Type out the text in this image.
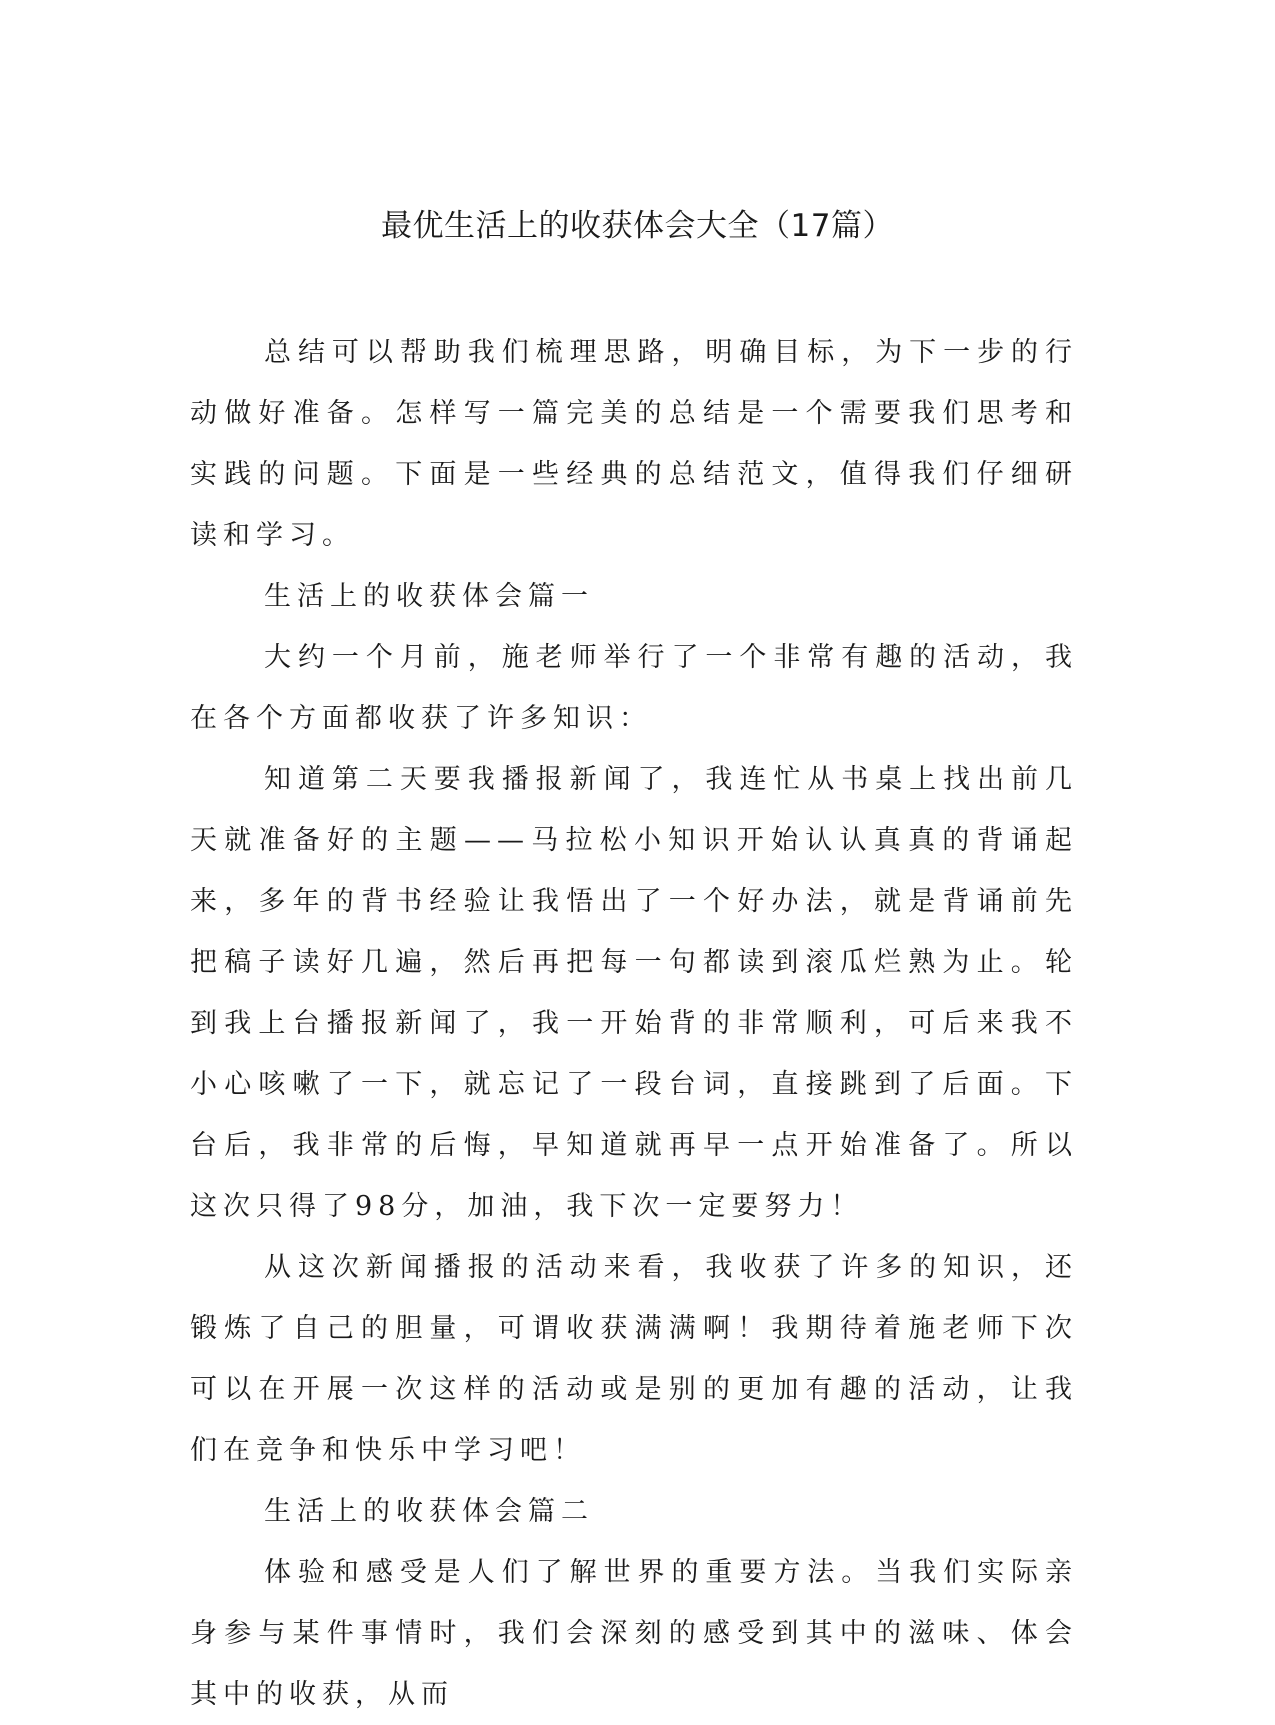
最优生活上的收获体会大全（17篇）

总结可以帮助我们梳理思路，明确目标，为下一步的行动做好准备。怎样写一篇完美的总结是一个需要我们思考和实践的问题。下面是一些经典的总结范文，值得我们仔细研读和学习。

生活上的收获体会篇一

大约一个月前，施老师举行了一个非常有趣的活动，我在各个方面都收获了许多知识：

知道第二天要我播报新闻了，我连忙从书桌上找出前几天就准备好的主题——马拉松小知识开始认认真真的背诵起来，多年的背书经验让我悟出了一个好办法，就是背诵前先把稿子读好几遍，然后再把每一句都读到滚瓜烂熟为止。轮到我上台播报新闻了，我一开始背的非常顺利，可后来我不小心咳嗽了一下，就忘记了一段台词，直接跳到了后面。下台后，我非常的后悔，早知道就再早一点开始准备了。所以这次只得了98分，加油，我下次一定要努力！

从这次新闻播报的活动来看，我收获了许多的知识，还锻炼了自己的胆量，可谓收获满满啊！我期待着施老师下次可以在开展一次这样的活动或是别的更加有趣的活动，让我们在竞争和快乐中学习吧！

生活上的收获体会篇二

体验和感受是人们了解世界的重要方法。当我们实际亲身参与某件事情时，我们会深刻的感受到其中的滋味、体会其中的收获，从而
